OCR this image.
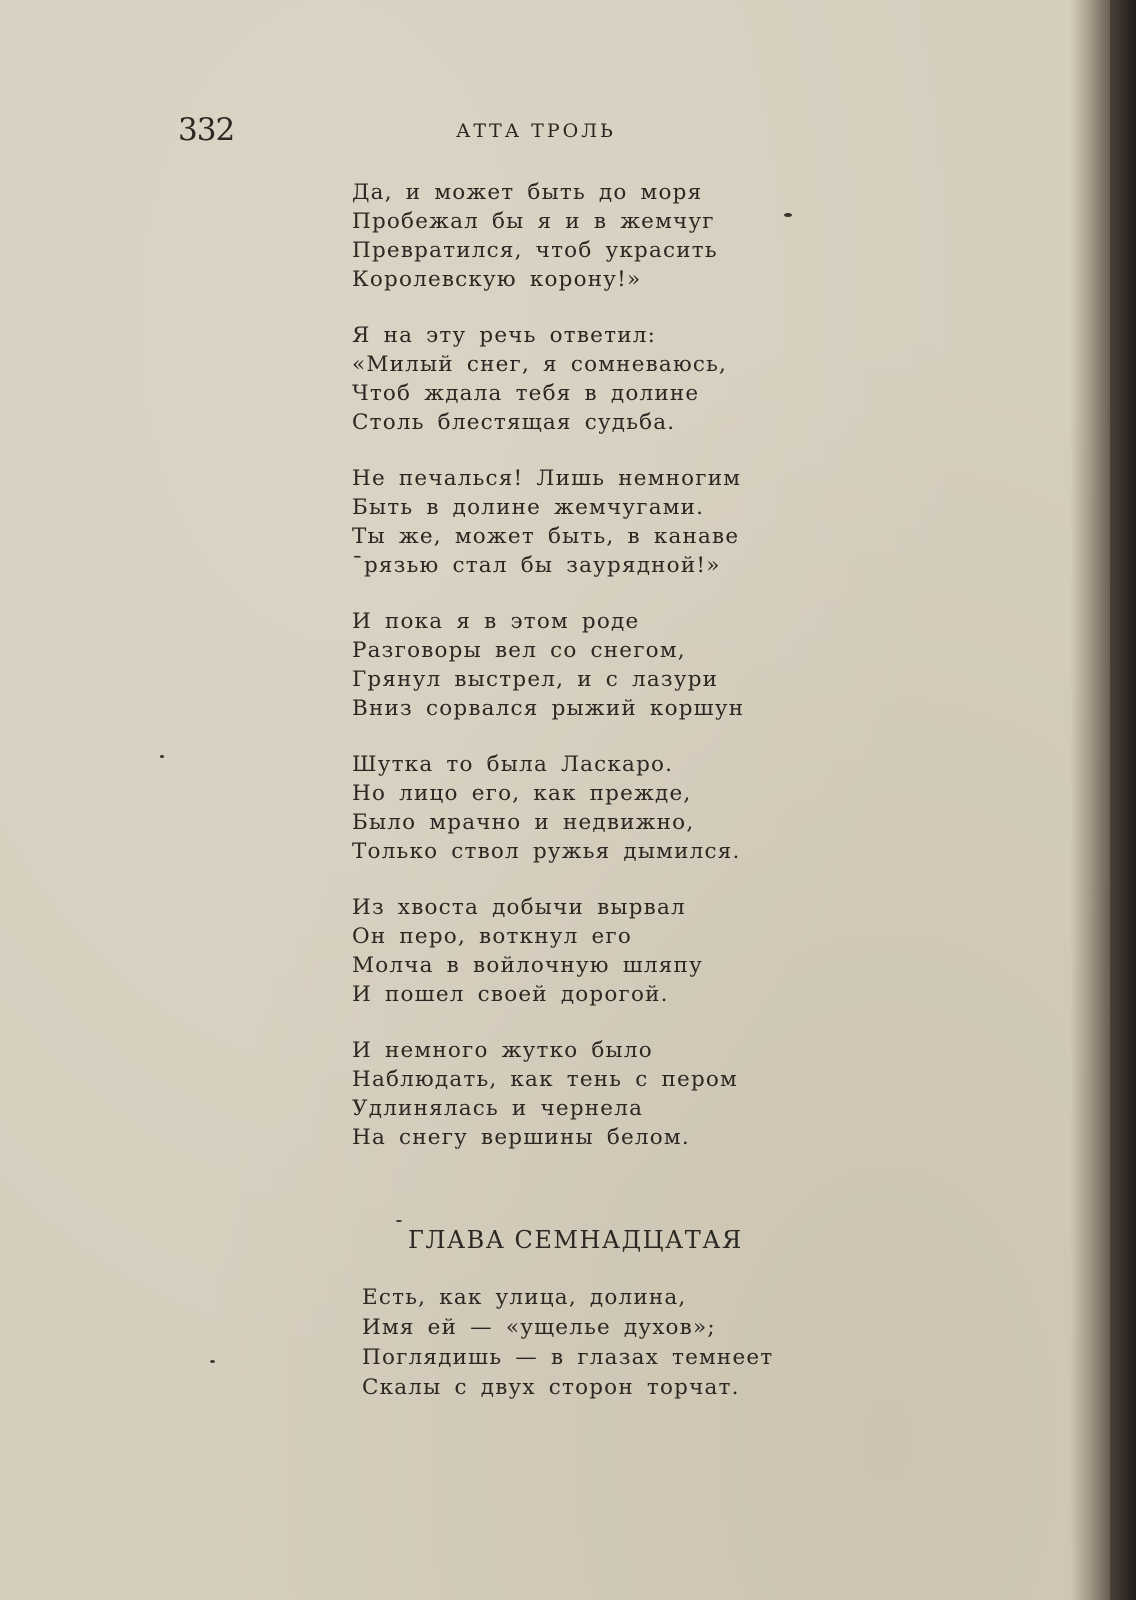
332	АТТА ТРОЛЬ
Да, и может быть до моря
Пробежал бы я и в жемчуг
Превратился, чтоб украсить
Королевскую корону!»
Я на эту речь ответил:
«Милый снег, я сомневаюсь,
Чтоб ждала тебя в долине
Столь блестящая судьба.
Не печалься! Лишь немногим
Быть в долине жемчугами.
Ты же, может быть, в канаве
ˉрязью стал бы заурядной!»
И пока я в этом роде
Разговоры вел со снегом,
Грянул выстрел, и с лазури
Вниз сорвался рыжий коршун
Шутка то была Ласкаро.
Но лицо его, как прежде,
Было мрачно и недвижно,
Только ствол ружья дымился.
Из хвоста добычи вырвал
Он перо, воткнул его
Молча в войлочную шляпу
И пошел своей дорогой.
И немного жутко было
Наблюдать, как тень с пером
Удлинялась и чернела
На снегу вершины белом.
ГЛАВА СЕМНАДЦАТАЯ
Есть, как улица, долина,
Имя ей — «ущелье духов»;
Поглядишь — в глазах темнеет
Скалы с двух сторон торчат.
